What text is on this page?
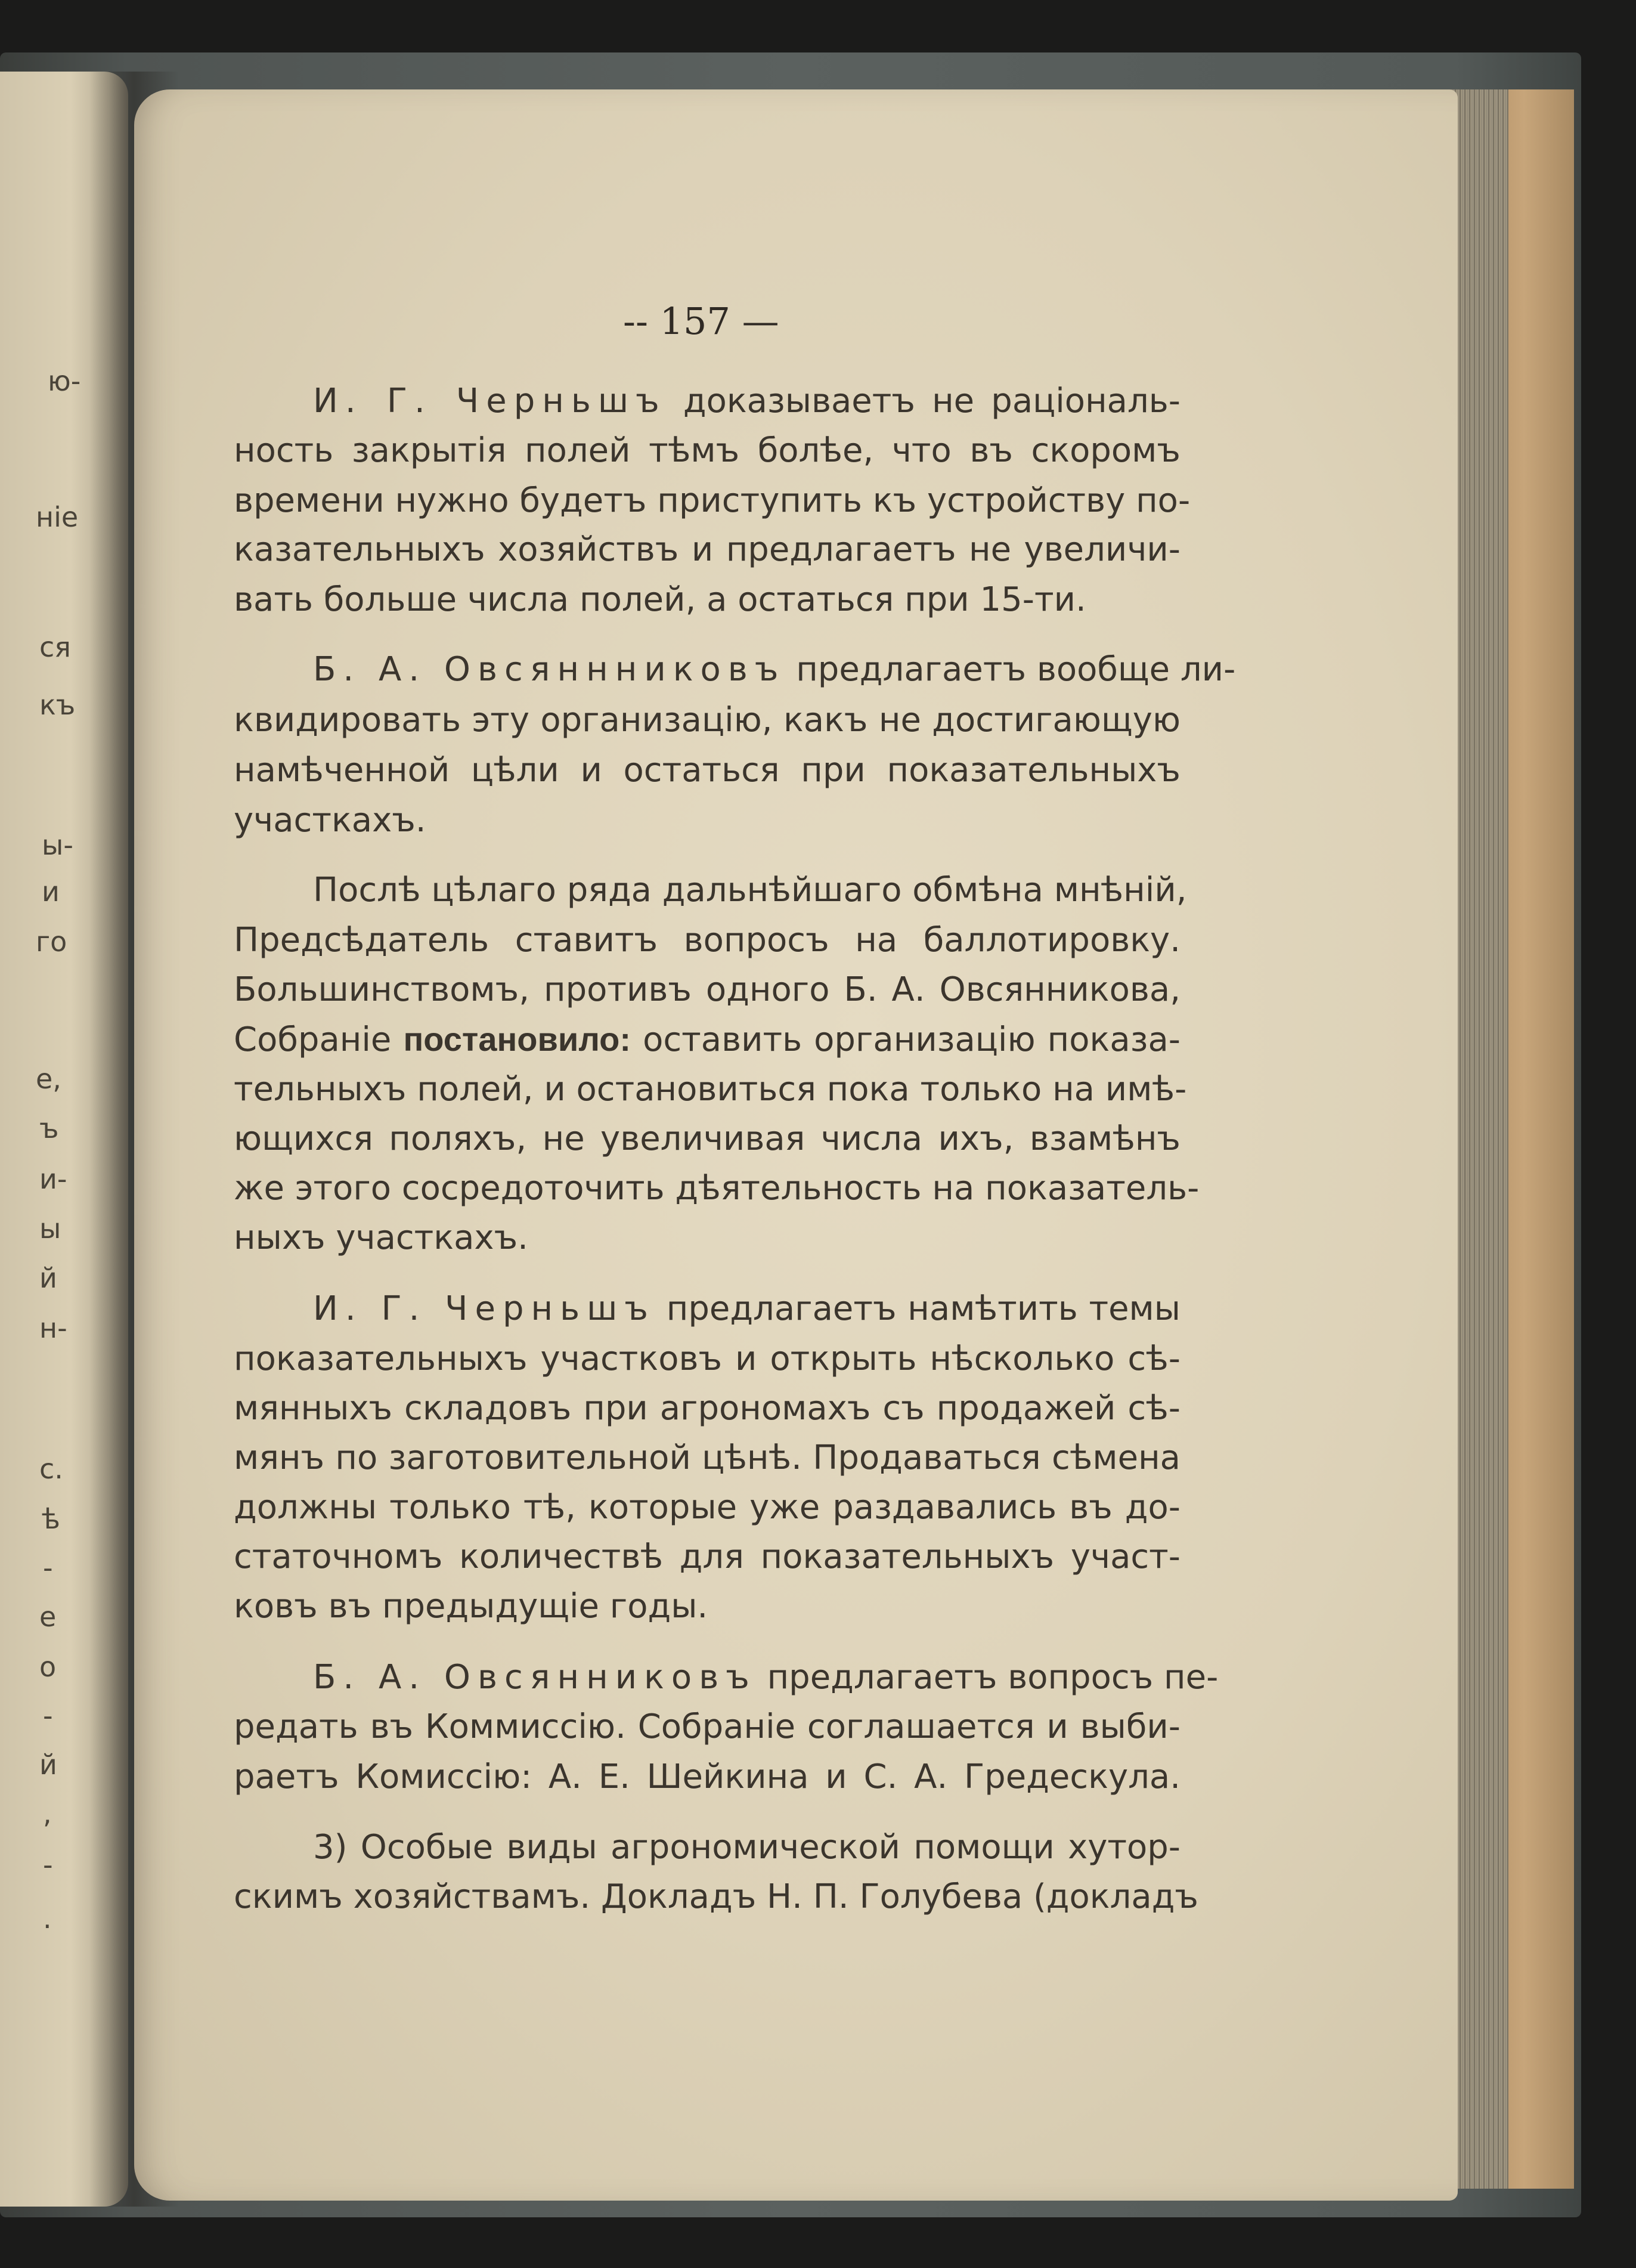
ю-
ніе
ся
къ
ы-
и
го
е,
ъ
и-
ы
й
н-
с.
ѣ
-
е
о
-
й
,
-
.
-- 157 —
И. Г. Черньшъ доказываетъ не раціональ-
ность закрытія полей тѣмъ болѣе, что въ скоромъ
времени нужно будетъ приступить къ устройству по-
казательныхъ хозяйствъ и предлагаетъ не увеличи-
вать больше числа полей, а остаться при 15-ти.
Б. А. Овсяннниковъ предлагаетъ вообще ли-
квидировать эту организацію, какъ не достигающую
намѣченной цѣли и остаться при показательныхъ
участкахъ.
Послѣ цѣлаго ряда дальнѣйшаго обмѣна мнѣній,
Предсѣдатель ставитъ вопросъ на баллотировку.
Большинствомъ, противъ одного Б. А. Овсянникова,
Собраніе постановило: оставить организацію показа-
тельныхъ полей, и остановиться пока только на имѣ-
ющихся поляхъ, не увеличивая числа ихъ, взамѣнъ
же этого сосредоточить дѣятельность на показатель-
ныхъ участкахъ.
И. Г. Черньшъ предлагаетъ намѣтить темы
показательныхъ участковъ и открыть нѣсколько сѣ-
мянныхъ складовъ при агрономахъ съ продажей сѣ-
мянъ по заготовительной цѣнѣ. Продаваться сѣмена
должны только тѣ, которые уже раздавались въ до-
статочномъ количествѣ для показательныхъ участ-
ковъ въ предыдущіе годы.
Б. А. Овсянниковъ предлагаетъ вопросъ пе-
редать въ Коммиссію. Собраніе соглашается и выби-
раетъ Комиссію: А. Е. Шейкина и С. А. Гредескула.
3) Особые виды агрономической помощи хутор-
скимъ хозяйствамъ. Докладъ Н. П. Голубева (докладъ
